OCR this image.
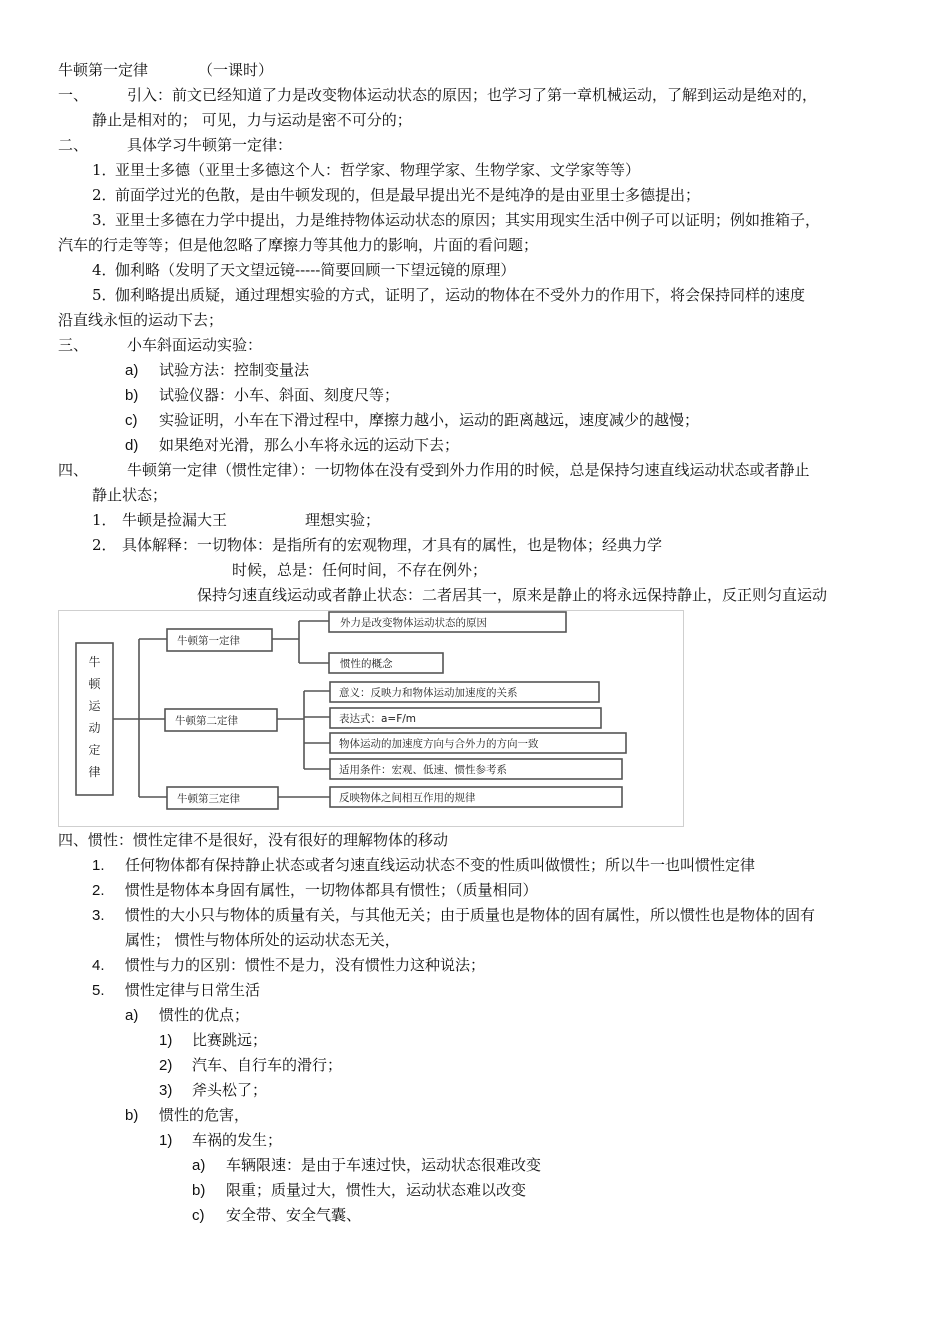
牛顿第一定律	（一课时）
一、	引入：前文已经知道了力是改变物体运动状态的原因；也学习了第一章机械运动，了解到运动是绝对的，
静止是相对的； 可见，力与运动是密不可分的；
二、	具体学习牛顿第一定律：
1．
亚里士多德（亚里士多德这个人：哲学家、物理学家、生物学家、文学家等等）
2．
前面学过光的色散，是由牛顿发现的，但是最早提出光不是纯净的是由亚里士多德提出；
3．
亚里士多德在力学中提出，力是维持物体运动状态的原因；其实用现实生活中例子可以证明；例如推箱子，
汽车的行走等等；但是他忽略了摩擦力等其他力的影响，片面的看问题；
4．
伽利略（发明了天文望远镜-----简要回顾一下望远镜的原理）
5．
伽利略提出质疑，通过理想实验的方式，证明了，运动的物体在不受外力的作用下，将会保持同样的速度
沿直线永恒的运动下去；
三、	小车斜面运动实验：
a) 试验方法：控制变量法
b) 试验仪器：小车、斜面、刻度尺等；
c) 实验证明，小车在下滑过程中，摩擦力越小，运动的距离越远，速度减少的越慢；
d) 如果绝对光滑，那么小车将永远的运动下去；
四、	牛顿第一定律（惯性定律）：一切物体在没有受到外力作用的时候，总是保持匀速直线运动状态或者静止
静止状态；
1． 牛顿是捡漏大王	理想实验；
2． 具体解释：一切物体：是指所有的宏观物理，才具有的属性，也是物体；经典力学
时候，总是：任何时间，不存在例外；
保持匀速直线运动或者静止状态：二者居其一，原来是静止的将永远保持静止，反正则匀直运动
牛顿运动定律
牛顿第一定律
牛顿第二定律
牛顿第三定律
外力是改变物体运动状态的原因
惯性的概念
意义：反映力和物体运动加速度的关系
表达式：a=F/m
物体运动的加速度方向与合外力的方向一致
适用条件：宏观、低速、惯性参考系
反映物体之间相互作用的规律
四、惯性：惯性定律不是很好，没有很好的理解物体的移动
1. 任何物体都有保持静止状态或者匀速直线运动状态不变的性质叫做惯性；所以牛一也叫惯性定律
2. 惯性是物体本身固有属性，一切物体都具有惯性；（质量相同）
3. 惯性的大小只与物体的质量有关，与其他无关；由于质量也是物体的固有属性，所以惯性也是物体的固有
属性； 惯性与物体所处的运动状态无关，
4. 惯性与力的区别：惯性不是力，没有惯性力这种说法；
5. 惯性定律与日常生活
a) 惯性的优点；
1) 比赛跳远；
2) 汽车、自行车的滑行；
3) 斧头松了；
b) 惯性的危害，
1) 车祸的发生；
a) 车辆限速：是由于车速过快，运动状态很难改变
b) 限重；质量过大，惯性大，运动状态难以改变
c) 安全带、安全气囊、
